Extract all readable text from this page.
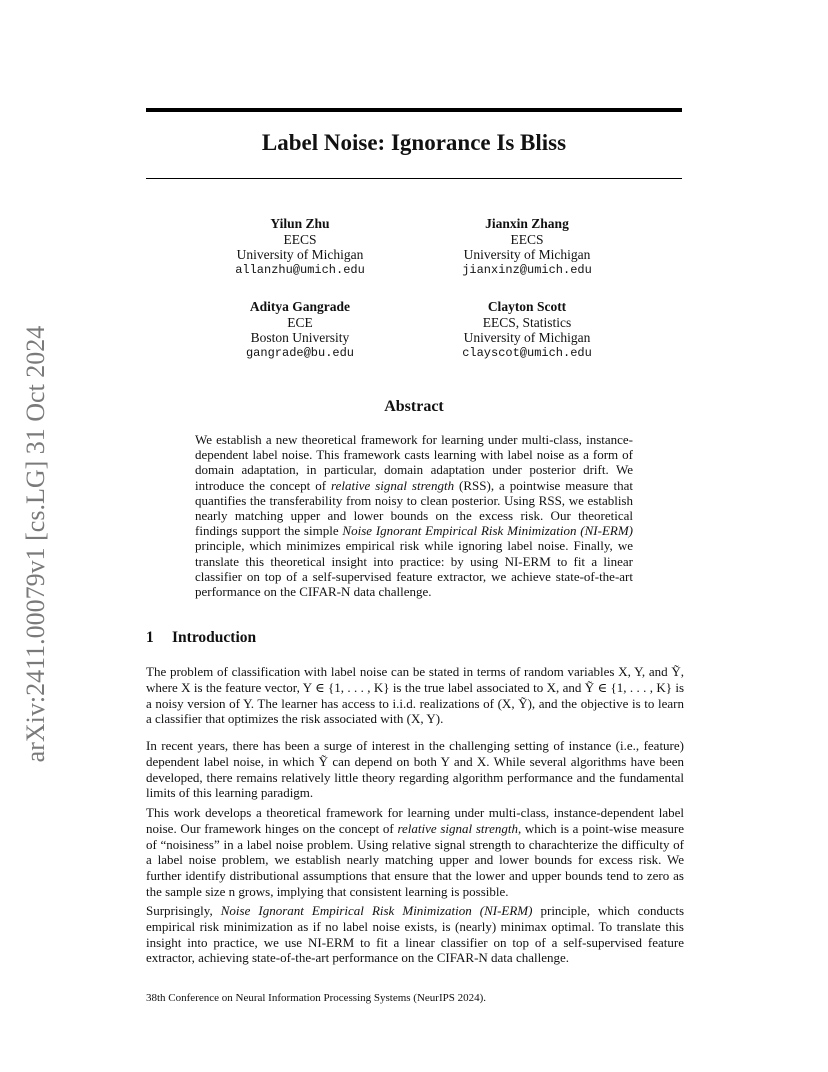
arXiv:2411.00079v1 [cs.LG] 31 Oct 2024
Label Noise: Ignorance Is Bliss
Yilun Zhu
EECS
University of Michigan
allanzhu@umich.edu
Jianxin Zhang
EECS
University of Michigan
jianxinz@umich.edu
Aditya Gangrade
ECE
Boston University
gangrade@bu.edu
Clayton Scott
EECS, Statistics
University of Michigan
clayscot@umich.edu
Abstract

We establish a new theoretical framework for learning under multi-class, instance-dependent label noise. This framework casts learning with label noise as a form of domain adaptation, in particular, domain adaptation under posterior drift. We introduce the concept of relative signal strength (RSS), a pointwise measure that quantifies the transferability from noisy to clean posterior. Using RSS, we establish nearly matching upper and lower bounds on the excess risk. Our theoretical findings support the simple Noise Ignorant Empirical Risk Minimization (NI-ERM) principle, which minimizes empirical risk while ignoring label noise. Finally, we translate this theoretical insight into practice: by using NI-ERM to fit a linear classifier on top of a self-supervised feature extractor, we achieve state-of-the-art performance on the CIFAR-N data challenge.

1 Introduction

The problem of classification with label noise can be stated in terms of random variables X, Y, and Ỹ, where X is the feature vector, Y ∈ {1, . . . , K} is the true label associated to X, and Ỹ ∈ {1, . . . , K} is a noisy version of Y. The learner has access to i.i.d. realizations of (X, Ỹ), and the objective is to learn a classifier that optimizes the risk associated with (X, Y).

In recent years, there has been a surge of interest in the challenging setting of instance (i.e., feature) dependent label noise, in which Ỹ can depend on both Y and X. While several algorithms have been developed, there remains relatively little theory regarding algorithm performance and the fundamental limits of this learning paradigm.

This work develops a theoretical framework for learning under multi-class, instance-dependent label noise. Our framework hinges on the concept of relative signal strength, which is a point-wise measure of “noisiness” in a label noise problem. Using relative signal strength to charachterize the difficulty of a label noise problem, we establish nearly matching upper and lower bounds for excess risk. We further identify distributional assumptions that ensure that the lower and upper bounds tend to zero as the sample size n grows, implying that consistent learning is possible.

Surprisingly, Noise Ignorant Empirical Risk Minimization (NI-ERM) principle, which conducts empirical risk minimization as if no label noise exists, is (nearly) minimax optimal. To translate this insight into practice, we use NI-ERM to fit a linear classifier on top of a self-supervised feature extractor, achieving state-of-the-art performance on the CIFAR-N data challenge.

38th Conference on Neural Information Processing Systems (NeurIPS 2024).
